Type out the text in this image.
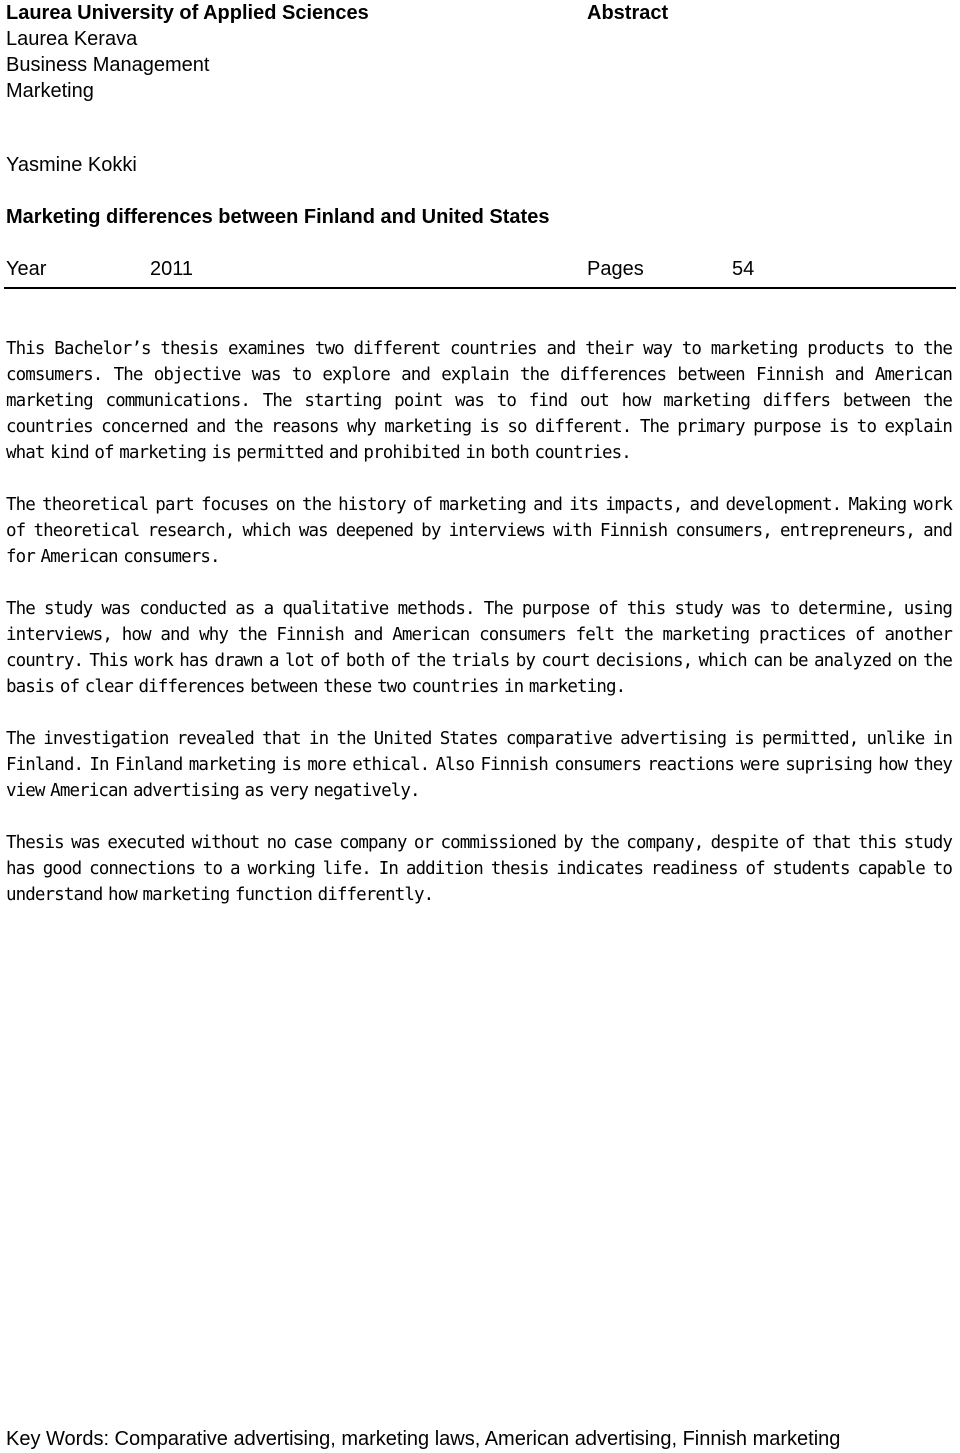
Laurea University of Applied Sciences
Laurea Kerava
Business Management
Marketing
Abstract
Yasmine Kokki
Marketing differences between Finland and United States
Year	2011	Pages	54

This Bachelor’s thesis examines two different countries and their way to marketing products to the comsumers. The objective was to explore and explain the differences between Finnish and American marketing communications. The starting point was to find out how marketing differs between the countries concerned and the reasons why marketing is so different. The primary purpose is to explain what kind of marketing is permitted and prohibited in both countries.

The theoretical part focuses on the history of marketing and its impacts, and development. Making work of theoretical research, which was deepened by interviews with Finnish consumers, entrepreneurs, and for American consumers.

The study was conducted as a qualitative methods. The purpose of this study was to determine, using interviews, how and why the Finnish and American consumers felt the marketing practices of another country. This work has drawn a lot of both of the trials by court decisions, which can be analyzed on the basis of clear differences between these two countries in marketing.

The investigation revealed that in the United States comparative advertising is permitted, unlike in Finland. In Finland marketing is more ethical. Also Finnish consumers reactions were suprising how they view American advertising as very negatively.

Thesis was executed without no case company or commissioned by the company, despite of that this study has good connections to a working life. In addition thesis indicates readiness of students capable to understand how marketing function differently.

Key Words: Comparative advertising, marketing laws, American advertising, Finnish marketing
